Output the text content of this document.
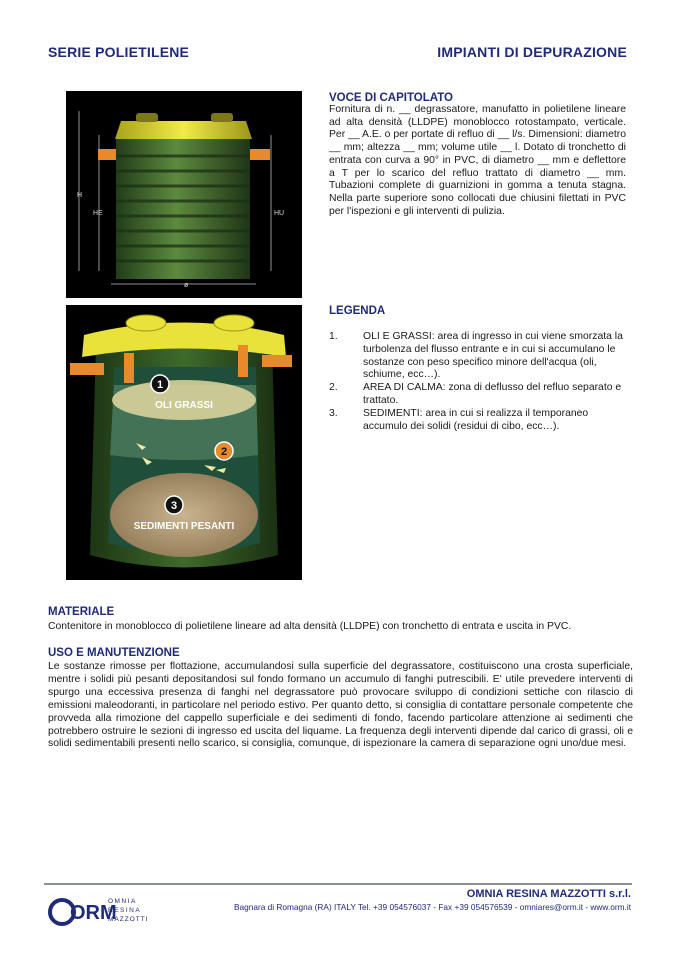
SERIE POLIETILENE	IMPIANTI DI DEPURAZIONE
H
HE	HU
ø
1
2
3
OLI GRASSI
SEDIMENTI PESANTI
VOCE DI CAPITOLATO
Fornitura di n. __ degrassatore, manufatto in polietilene lineare ad alta densità (LLDPE) monoblocco rotostampato, verticale. Per __ A.E. o per portate di refluo di __ l/s. Dimensioni: diametro __ mm; altezza __ mm; volume utile __ l. Dotato di tronchetto di entrata con curva a 90° in PVC, di diametro __ mm e deflettore a T per lo scarico del refluo trattato di diametro __ mm. Tubazioni complete di guarnizioni in gomma a tenuta stagna. Nella parte superiore sono collocati due chiusini filettati in PVC per l'ispezioni e gli interventi di pulizia.
LEGENDA
1. OLI E GRASSI: area di ingresso in cui viene smorzata la turbolenza del flusso entrante e in cui si accumulano le sostanze con peso specifico minore dell'acqua (oli, schiume, ecc…).
2. AREA DI CALMA: zona di deflusso del refluo separato e trattato.
3. SEDIMENTI: area in cui si realizza il temporaneo accumulo dei solidi (residui di cibo, ecc…).
MATERIALE
Contenitore in monoblocco di polietilene lineare ad alta densità (LLDPE) con tronchetto di entrata e uscita in PVC.
USO E MANUTENZIONE
Le sostanze rimosse per flottazione, accumulandosi sulla superficie del degrassatore, costituiscono una crosta superficiale, mentre i solidi più pesanti depositandosi sul fondo formano un accumulo di fanghi putrescibili. E' utile prevedere interventi di spurgo una eccessiva presenza di fanghi nel degrassatore può provocare sviluppo di condizioni settiche con rilascio di emissioni maleodoranti, in particolare nel periodo estivo. Per quanto detto, si consiglia di contattare personale competente che provveda alla rimozione del cappello superficiale e dei sedimenti di fondo, facendo particolare attenzione ai sedimenti che potrebbero ostruire le sezioni di ingresso ed uscita del liquame. La frequenza degli interventi dipende dal carico di grassi, oli e solidi sedimentabili presenti nello scarico, si consiglia, comunque, di ispezionare la camera di separazione ogni uno/due mesi.
ORM
OMNIA
RESINA
MAZZOTTI
OMNIA RESINA MAZZOTTI s.r.l.
Bagnara di Romagna (RA) ITALY Tel. +39 054576037 - Fax +39 054576539 - omniares@orm.it - www.orm.it
